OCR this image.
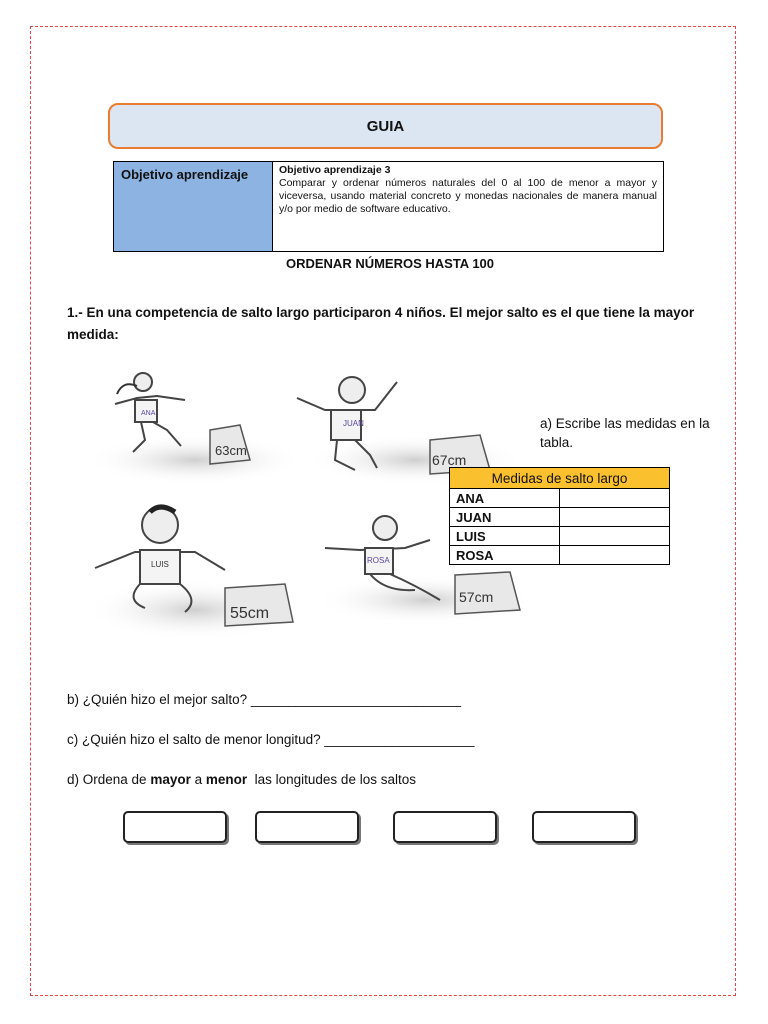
GUIA
Objetivo aprendizaje	Objetivo aprendizaje 3
Comparar y ordenar números naturales del 0 al 100 de menor a mayor y viceversa, usando material concreto y monedas nacionales de manera manual y/o por medio de software educativo.
ORDENAR NÚMEROS HASTA 100
1.- En una competencia de salto largo participaron 4 niños. El mejor salto es el que tiene la mayor medida:
ANA
63cm
JUAN
67cm
LUIS
55cm
ROSA
57cm
a) Escribe las medidas en la tabla.
Medidas de salto largo	
ANA	
JUAN	
LUIS	
ROSA	
b) ¿Quién hizo el mejor salto? ____________________________
c) ¿Quién hizo el salto de menor longitud? ____________________
d) Ordena de mayor a menor  las longitudes de los saltos
